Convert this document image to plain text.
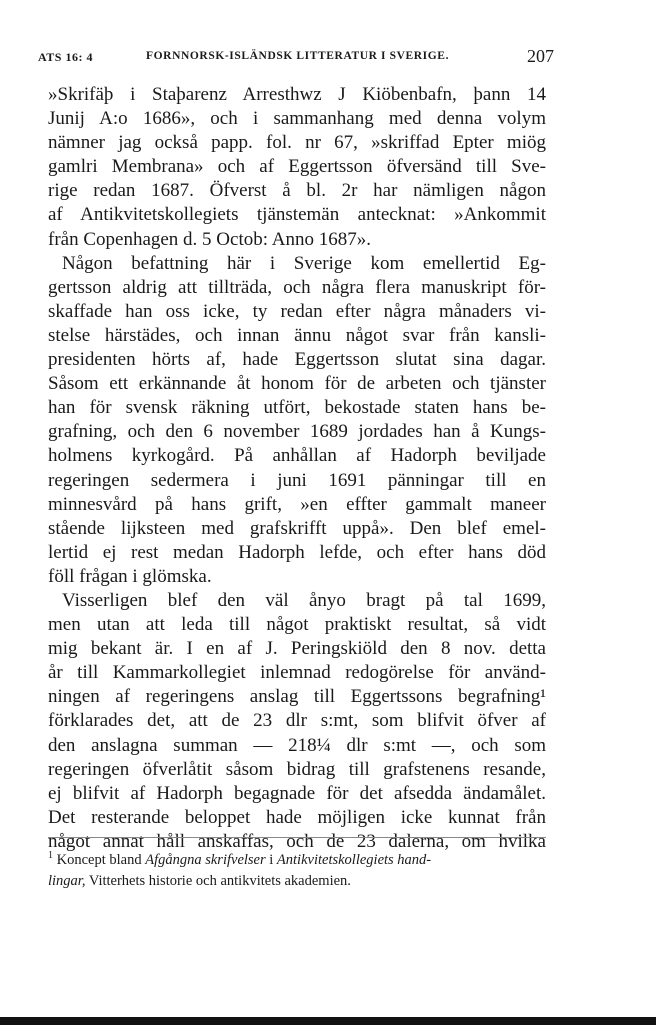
ATS 16: 4	FORNNORSK-ISLÄNDSK LITTERATUR I SVERIGE.	207
»Skrifäþ i Staþarenz Arresthwz J Kiöbenbafn, þann 14
Junij A:o 1686», och i sammanhang med denna volym
nämner jag också papp. fol. nr 67, »skriffad Epter miög
gamlri Membrana» och af Eggertsson öfversänd till Sve-
rige redan 1687. Öfverst å bl. 2r har nämligen någon
af Antikvitetskollegiets tjänstemän antecknat: »Ankommit
från Copenhagen d. 5 Octob: Anno 1687».
Någon befattning här i Sverige kom emellertid Eg-
gertsson aldrig att tillträda, och några flera manuskript för-
skaffade han oss icke, ty redan efter några månaders vi-
stelse härstädes, och innan ännu något svar från kansli-
presidenten hörts af, hade Eggertsson slutat sina dagar.
Såsom ett erkännande åt honom för de arbeten och tjänster
han för svensk räkning utfört, bekostade staten hans be-
grafning, och den 6 november 1689 jordades han å Kungs-
holmens kyrkogård. På anhållan af Hadorph beviljade
regeringen sedermera i juni 1691 pänningar till en
minnesvård på hans grift, »en effter gammalt maneer
stående lijksteen med grafskrifft uppå». Den blef emel-
lertid ej rest medan Hadorph lefde, och efter hans död
föll frågan i glömska.
Visserligen blef den väl ånyo bragt på tal 1699,
men utan att leda till något praktiskt resultat, så vidt
mig bekant är. I en af J. Peringskiöld den 8 nov. detta
år till Kammarkollegiet inlemnad redogörelse för använd-
ningen af regeringens anslag till Eggertssons begrafning¹
förklarades det, att de 23 dlr s:mt, som blifvit öfver af
den anslagna summan — 218¼ dlr s:mt —, och som
regeringen öfverlåtit såsom bidrag till grafstenens resande,
ej blifvit af Hadorph begagnade för det afsedda ändamålet.
Det resterande beloppet hade möjligen icke kunnat från
något annat håll anskaffas, och de 23 dalerna, om hvilka
$^1$ Koncept bland Afgångna skrifvelser i Antikvitetskollegiets hand-
lingar, Vitterhets historie och antikvitets akademien.
